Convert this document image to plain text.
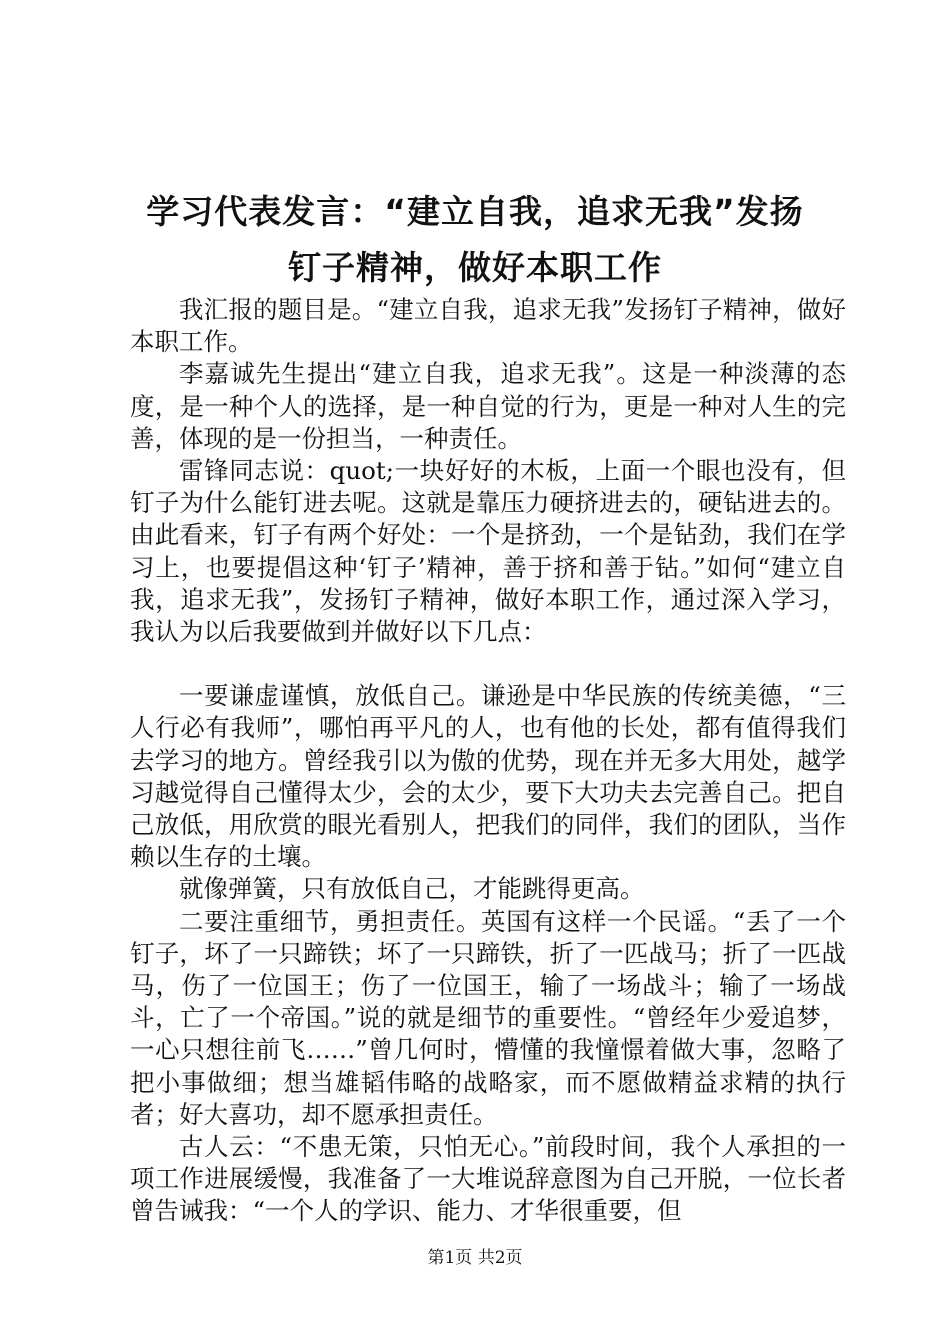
学习代表发言：“建立自我，追求无我”发扬
钉子精神，做好本职工作

我汇报的题目是。“建立自我，追求无我”发扬钉子精神，做好本职工作。

李嘉诚先生提出“建立自我，追求无我”。这是一种淡薄的态度，是一种个人的选择，是一种自觉的行为，更是一种对人生的完善，体现的是一份担当，一种责任。

雷锋同志说：quot;一块好好的木板，上面一个眼也没有，但钉子为什么能钉进去呢。这就是靠压力硬挤进去的，硬钻进去的。由此看来，钉子有两个好处：一个是挤劲，一个是钻劲，我们在学习上，也要提倡这种‘钉子’精神，善于挤和善于钻。”如何“建立自我，追求无我”，发扬钉子精神，做好本职工作，通过深入学习，我认为以后我要做到并做好以下几点：

一要谦虚谨慎，放低自己。谦逊是中华民族的传统美德，“三人行必有我师”，哪怕再平凡的人，也有他的长处，都有值得我们去学习的地方。曾经我引以为傲的优势，现在并无多大用处，越学习越觉得自己懂得太少，会的太少，要下大功夫去完善自己。把自己放低，用欣赏的眼光看别人，把我们的同伴，我们的团队，当作赖以生存的土壤。

就像弹簧，只有放低自己，才能跳得更高。

二要注重细节，勇担责任。英国有这样一个民谣。“丢了一个钉子，坏了一只蹄铁；坏了一只蹄铁，折了一匹战马；折了一匹战马，伤了一位国王；伤了一位国王，输了一场战斗；输了一场战斗，亡了一个帝国。”说的就是细节的重要性。“曾经年少爱追梦，一心只想往前飞……”曾几何时，懵懂的我憧憬着做大事，忽略了把小事做细；想当雄韬伟略的战略家，而不愿做精益求精的执行者；好大喜功，却不愿承担责任。

古人云：“不患无策，只怕无心。”前段时间，我个人承担的一项工作进展缓慢，我准备了一大堆说辞意图为自己开脱，一位长者曾告诫我：“一个人的学识、能力、才华很重要，但

第1页 共2页
